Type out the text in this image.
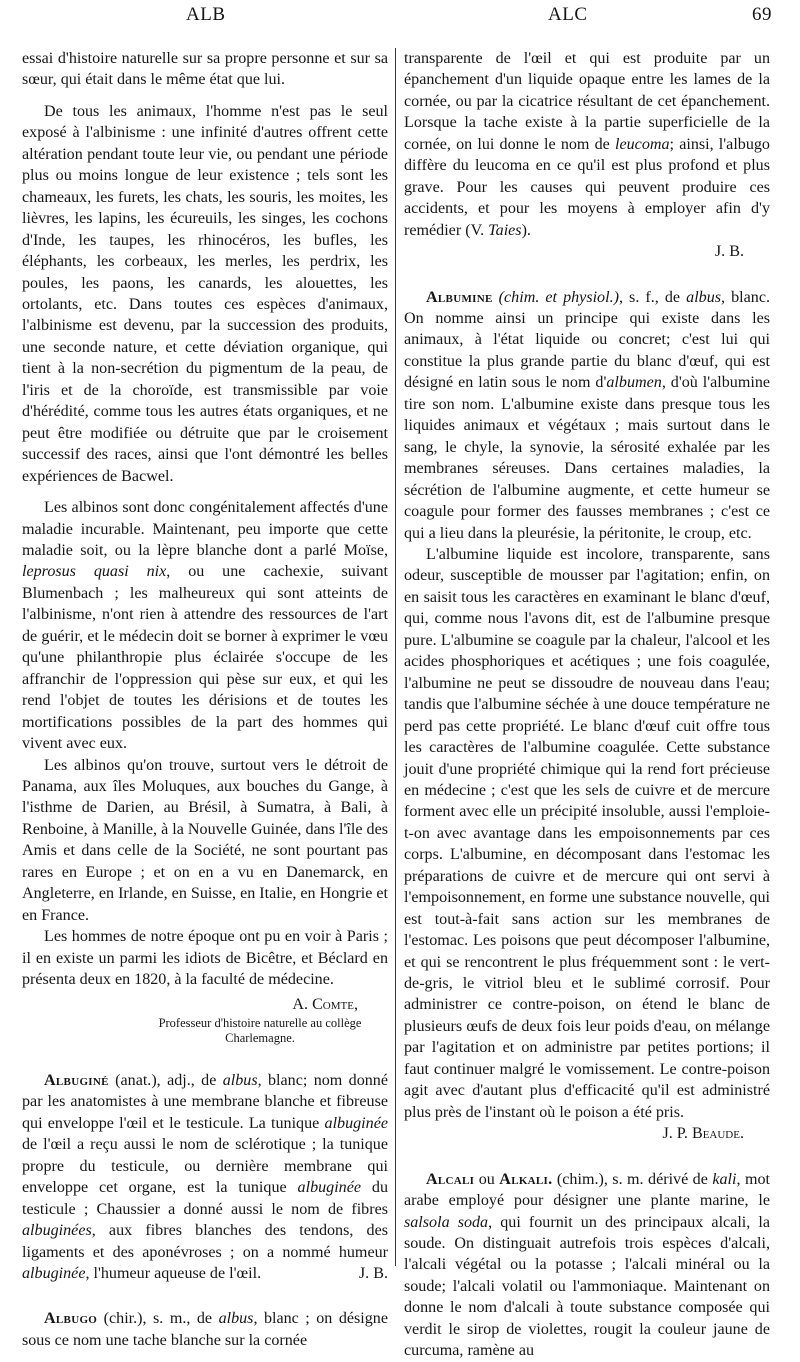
ALB	ALC	69

essai d'histoire naturelle sur sa propre personne et sur sa sœur, qui était dans le même état que lui.

De tous les animaux, l'homme n'est pas le seul exposé à l'albinisme : une infinité d'autres offrent cette altération pendant toute leur vie, ou pendant une période plus ou moins longue de leur existence ; tels sont les chameaux, les furets, les chats, les souris, les moites, les lièvres, les lapins, les écureuils, les singes, les cochons d'Inde, les taupes, les rhinocéros, les bufles, les éléphants, les corbeaux, les merles, les perdrix, les poules, les paons, les canards, les alouettes, les ortolants, etc. Dans toutes ces espèces d'animaux, l'albinisme est devenu, par la succession des produits, une seconde nature, et cette déviation organique, qui tient à la non-secrétion du pigmentum de la peau, de l'iris et de la choroïde, est transmissible par voie d'hérédité, comme tous les autres états organiques, et ne peut être modifiée ou détruite que par le croisement successif des races, ainsi que l'ont démontré les belles expériences de Bacwel.

Les albinos sont donc congénitalement affectés d'une maladie incurable. Maintenant, peu importe que cette maladie soit, ou la lèpre blanche dont a parlé Moïse, leprosus quasi nix, ou une cachexie, suivant Blumenbach ; les malheureux qui sont atteints de l'albinisme, n'ont rien à attendre des ressources de l'art de guérir, et le médecin doit se borner à exprimer le vœu qu'une philanthropie plus éclairée s'occupe de les affranchir de l'oppression qui pèse sur eux, et qui les rend l'objet de toutes les dérisions et de toutes les mortifications possibles de la part des hommes qui vivent avec eux.

Les albinos qu'on trouve, surtout vers le détroit de Panama, aux îles Moluques, aux bouches du Gange, à l'isthme de Darien, au Brésil, à Sumatra, à Bali, à Renboine, à Manille, à la Nouvelle Guinée, dans l'île des Amis et dans celle de la Société, ne sont pourtant pas rares en Europe ; et on en a vu en Danemarck, en Angleterre, en Irlande, en Suisse, en Italie, en Hongrie et en France.

Les hommes de notre époque ont pu en voir à Paris ; il en existe un parmi les idiots de Bicêtre, et Béclard en présenta deux en 1820, à la faculté de médecine.

A. Comte,
Professeur d'histoire naturelle au collège
Charlemagne.

Albuginé (anat.), adj., de albus, blanc; nom donné par les anatomistes à une membrane blanche et fibreuse qui enveloppe l'œil et le testicule. La tunique albuginée de l'œil a reçu aussi le nom de sclérotique ; la tunique propre du testicule, ou dernière membrane qui enveloppe cet organe, est la tunique albuginée du testicule ; Chaussier a donné aussi le nom de fibres albuginées, aux fibres blanches des tendons, des ligaments et des aponévroses ; on a nommé humeur albuginée, l'humeur aqueuse de l'œil.	J. B.

Albugo (chir.), s. m., de albus, blanc ; on désigne sous ce nom une tache blanche sur la cornée

transparente de l'œil et qui est produite par un épanchement d'un liquide opaque entre les lames de la cornée, ou par la cicatrice résultant de cet épanchement. Lorsque la tache existe à la partie superficielle de la cornée, on lui donne le nom de leucoma; ainsi, l'albugo diffère du leucoma en ce qu'il est plus profond et plus grave. Pour les causes qui peuvent produire ces accidents, et pour les moyens à employer afin d'y remédier (V. Taies).

J. B.

Albumine (chim. et physiol.), s. f., de albus, blanc. On nomme ainsi un principe qui existe dans les animaux, à l'état liquide ou concret; c'est lui qui constitue la plus grande partie du blanc d'œuf, qui est désigné en latin sous le nom d'albumen, d'où l'albumine tire son nom. L'albumine existe dans presque tous les liquides animaux et végétaux ; mais surtout dans le sang, le chyle, la synovie, la sérosité exhalée par les membranes séreuses. Dans certaines maladies, la sécrétion de l'albumine augmente, et cette humeur se coagule pour former des fausses membranes ; c'est ce qui a lieu dans la pleurésie, la péritonite, le croup, etc.

L'albumine liquide est incolore, transparente, sans odeur, susceptible de mousser par l'agitation; enfin, on en saisit tous les caractères en examinant le blanc d'œuf, qui, comme nous l'avons dit, est de l'albumine presque pure. L'albumine se coagule par la chaleur, l'alcool et les acides phosphoriques et acétiques ; une fois coagulée, l'albumine ne peut se dissoudre de nouveau dans l'eau; tandis que l'albumine séchée à une douce température ne perd pas cette propriété. Le blanc d'œuf cuit offre tous les caractères de l'albumine coagulée. Cette substance jouit d'une propriété chimique qui la rend fort précieuse en médecine ; c'est que les sels de cuivre et de mercure forment avec elle un précipité insoluble, aussi l'emploie-t-on avec avantage dans les empoisonnements par ces corps. L'albumine, en décomposant dans l'estomac les préparations de cuivre et de mercure qui ont servi à l'empoisonnement, en forme une substance nouvelle, qui est tout-à-fait sans action sur les membranes de l'estomac. Les poisons que peut décomposer l'albumine, et qui se rencontrent le plus fréquemment sont : le vert-de-gris, le vitriol bleu et le sublimé corrosif. Pour administrer ce contre-poison, on étend le blanc de plusieurs œufs de deux fois leur poids d'eau, on mélange par l'agitation et on administre par petites portions; il faut continuer malgré le vomissement. Le contre-poison agit avec d'autant plus d'efficacité qu'il est administré plus près de l'instant où le poison a été pris.

J. P. Beaude.

Alcali ou Alkali. (chim.), s. m. dérivé de kali, mot arabe employé pour désigner une plante marine, le salsola soda, qui fournit un des principaux alcali, la soude. On distinguait autrefois trois espèces d'alcali, l'alcali végétal ou la potasse ; l'alcali minéral ou la soude; l'alcali volatil ou l'ammoniaque. Maintenant on donne le nom d'alcali à toute substance composée qui verdit le sirop de violettes, rougit la couleur jaune de curcuma, ramène au
